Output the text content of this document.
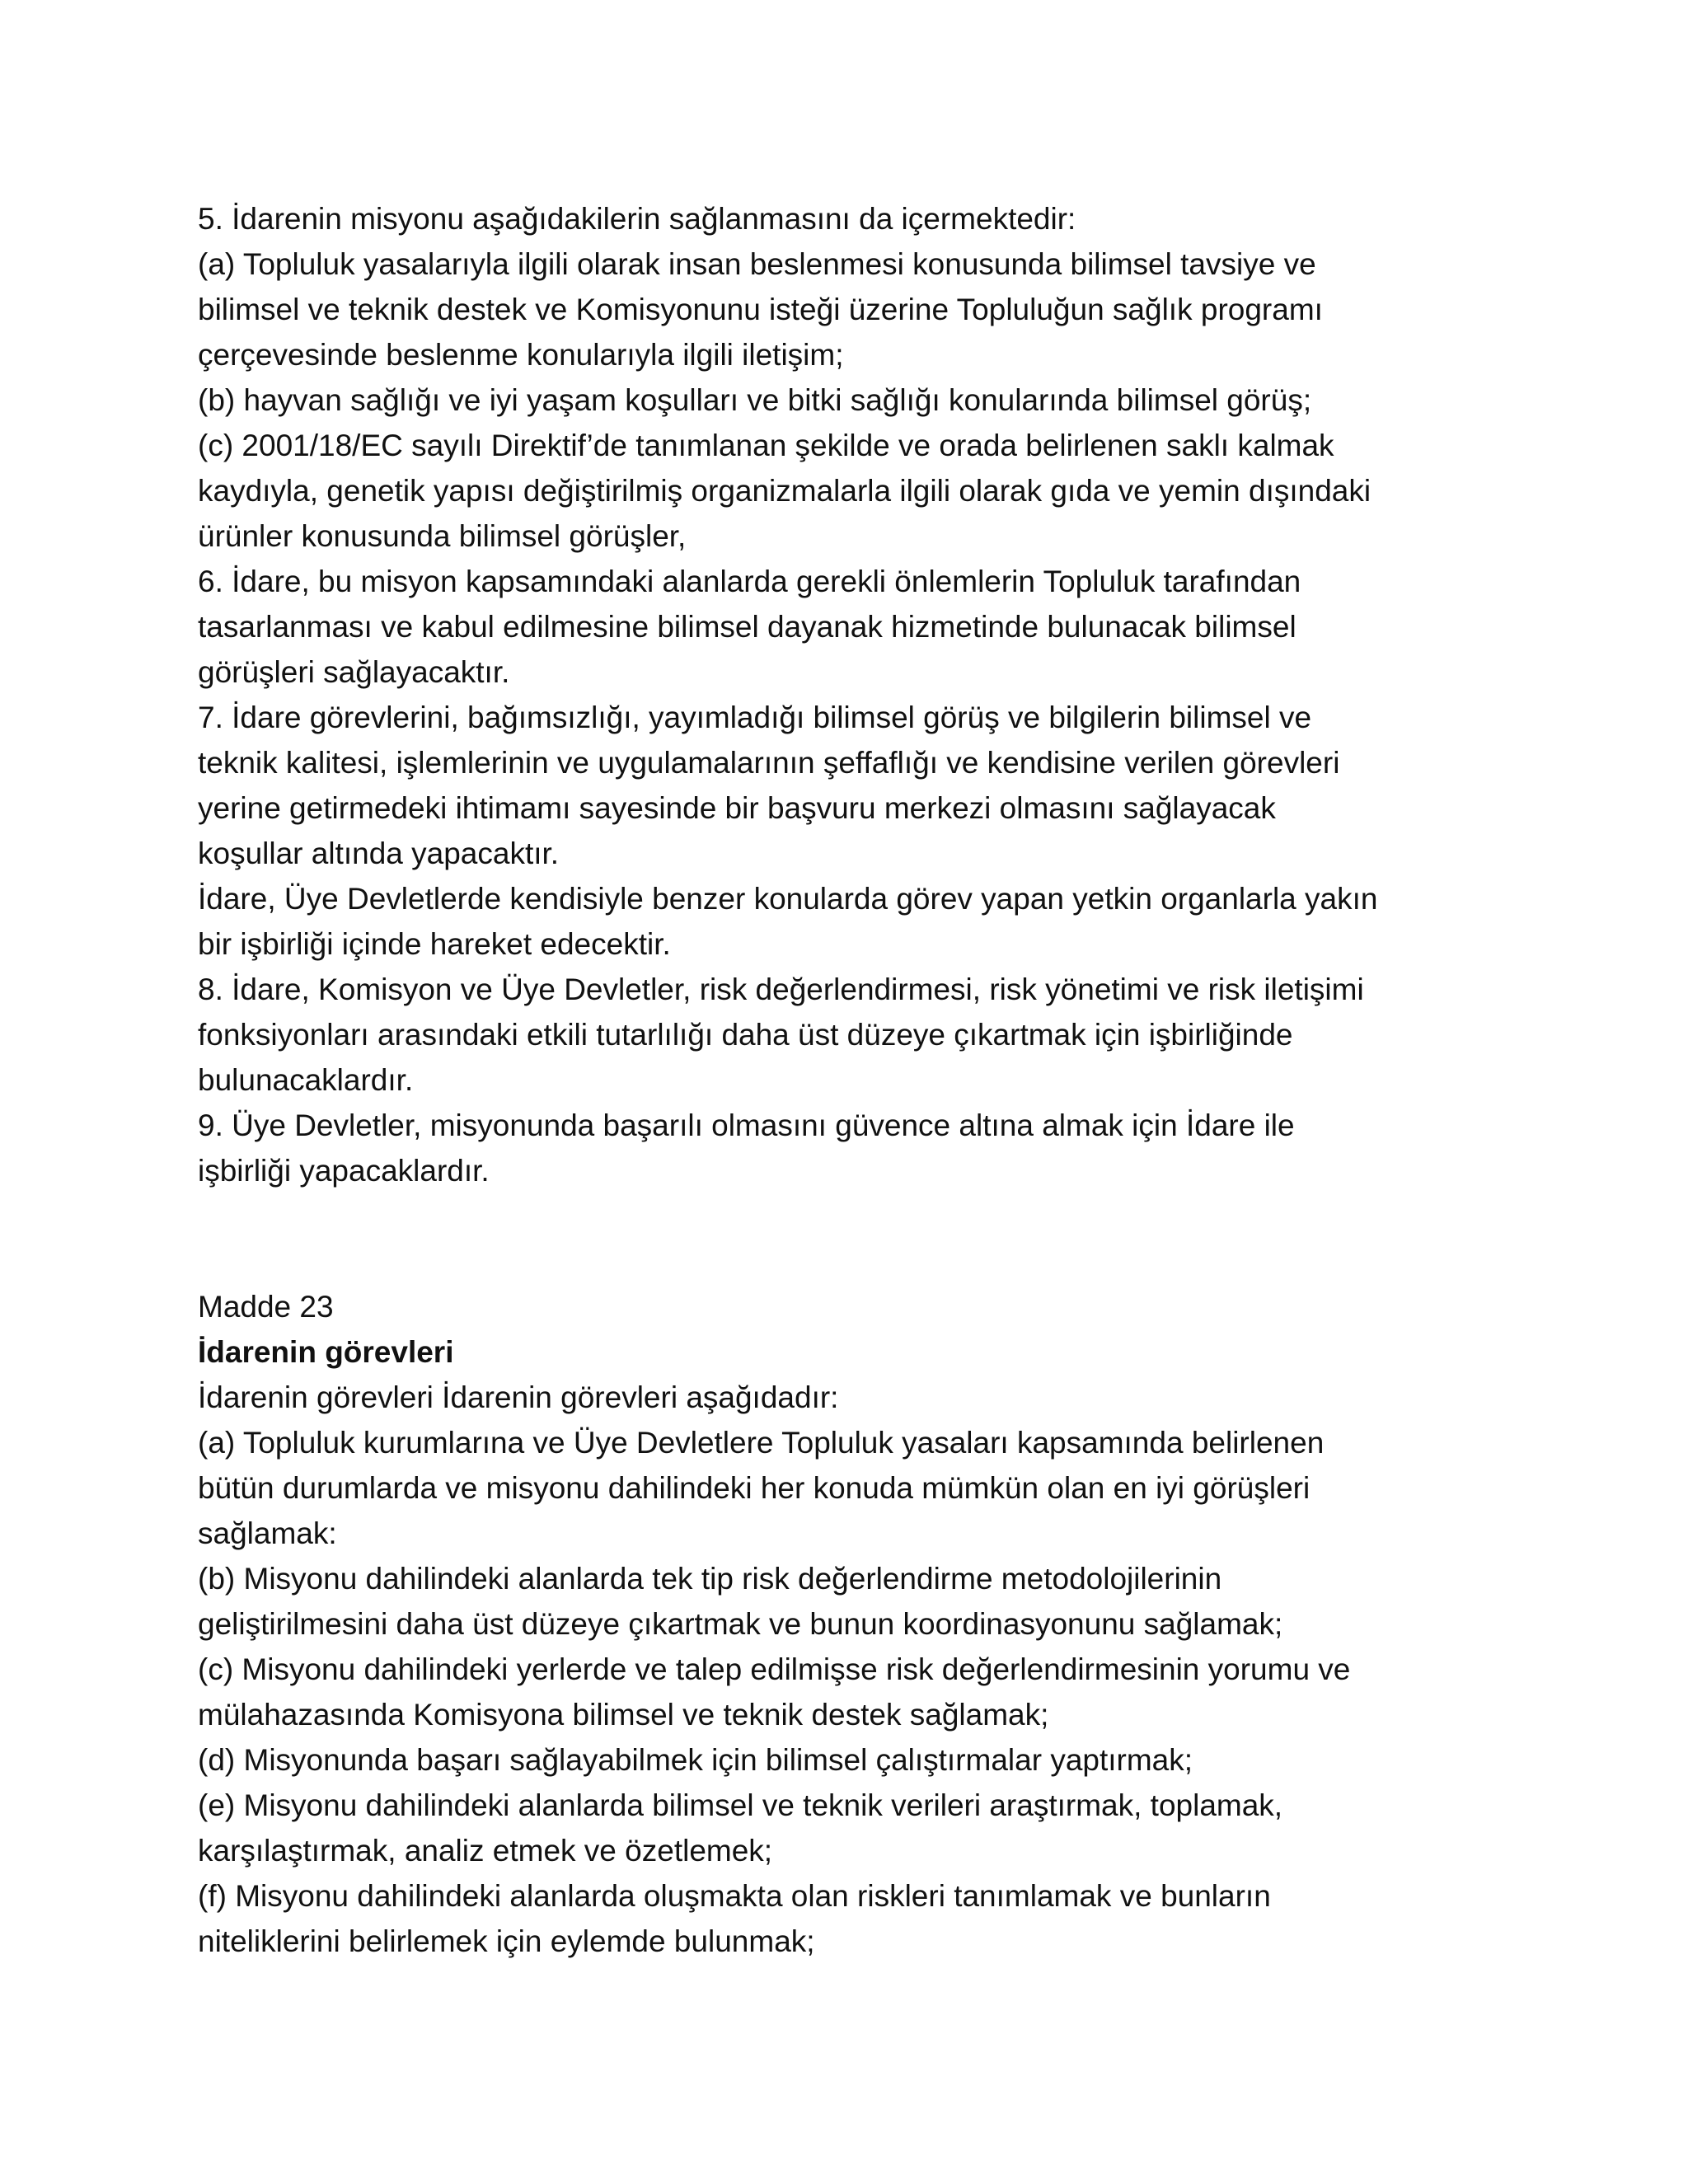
5. İdarenin misyonu aşağıdakilerin sağlanmasını da içermektedir:
(a) Topluluk yasalarıyla ilgili olarak insan beslenmesi konusunda bilimsel tavsiye ve
bilimsel ve teknik destek ve Komisyonunu isteği üzerine Topluluğun sağlık programı
çerçevesinde beslenme konularıyla ilgili iletişim;
(b) hayvan sağlığı ve iyi yaşam koşulları ve bitki sağlığı konularında bilimsel görüş;
(c) 2001/18/EC sayılı Direktif’de tanımlanan şekilde ve orada belirlenen saklı kalmak
kaydıyla, genetik yapısı değiştirilmiş organizmalarla ilgili olarak gıda ve yemin dışındaki
ürünler konusunda bilimsel görüşler,
6. İdare, bu misyon kapsamındaki alanlarda gerekli önlemlerin Topluluk tarafından
tasarlanması ve kabul edilmesine bilimsel dayanak hizmetinde bulunacak bilimsel
görüşleri sağlayacaktır.
7. İdare görevlerini, bağımsızlığı, yayımladığı bilimsel görüş ve bilgilerin bilimsel ve
teknik kalitesi, işlemlerinin ve uygulamalarının şeffaflığı ve kendisine verilen görevleri
yerine getirmedeki ihtimamı sayesinde bir başvuru merkezi olmasını sağlayacak
koşullar altında yapacaktır.
İdare, Üye Devletlerde kendisiyle benzer konularda görev yapan yetkin organlarla yakın
bir işbirliği içinde hareket edecektir.
8. İdare, Komisyon ve Üye Devletler, risk değerlendirmesi, risk yönetimi ve risk iletişimi
fonksiyonları arasındaki etkili tutarlılığı daha üst düzeye çıkartmak için işbirliğinde
bulunacaklardır.
9. Üye Devletler, misyonunda başarılı olmasını güvence altına almak için İdare ile
işbirliği yapacaklardır.
Madde 23
İdarenin görevleri
İdarenin görevleri İdarenin görevleri aşağıdadır:
(a) Topluluk kurumlarına ve Üye Devletlere Topluluk yasaları kapsamında belirlenen
bütün durumlarda ve misyonu dahilindeki her konuda mümkün olan en iyi görüşleri
sağlamak:
(b) Misyonu dahilindeki alanlarda tek tip risk değerlendirme metodolojilerinin
geliştirilmesini daha üst düzeye çıkartmak ve bunun koordinasyonunu sağlamak;
(c) Misyonu dahilindeki yerlerde ve talep edilmişse risk değerlendirmesinin yorumu ve
mülahazasında Komisyona bilimsel ve teknik destek sağlamak;
(d) Misyonunda başarı sağlayabilmek için bilimsel çalıştırmalar yaptırmak;
(e) Misyonu dahilindeki alanlarda bilimsel ve teknik verileri araştırmak, toplamak,
karşılaştırmak, analiz etmek ve özetlemek;
(f) Misyonu dahilindeki alanlarda oluşmakta olan riskleri tanımlamak ve bunların
niteliklerini belirlemek için eylemde bulunmak;
